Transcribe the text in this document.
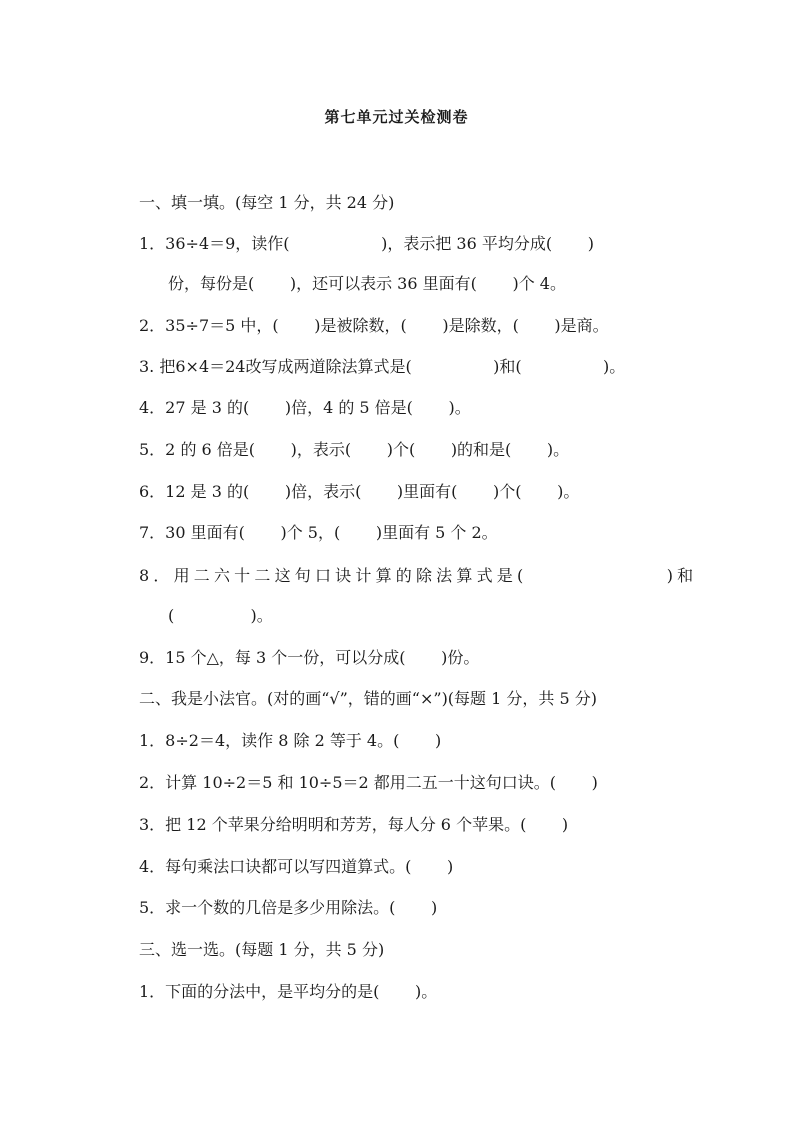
第七单元过关检测卷
一、填一填。(每空 1 分，共 24 分)
1．36÷4＝9，读作(                  )，表示把 36 平均分成(       )
份，每份是(       )，还可以表示 36 里面有(       )个 4。
2．35÷7＝5 中，(       )是被除数，(       )是除数，(       )是商。
3. 把6×4＝24改写成两道除法算式是(                )和(                )。
4．27 是 3 的(       )倍，4 的 5 倍是(       )。
5．2 的 6 倍是(       )，表示(       )个(       )的和是(       )。
6．12 是 3 的(       )倍，表示(       )里面有(       )个(       )。
7．30 里面有(       )个 5，(       )里面有 5 个 2。
8．用二六十二这句口诀计算的除法算式是(               )和
(               )。
9．15 个△，每 3 个一份，可以分成(       )份。
二、我是小法官。(对的画“√”，错的画“×”)(每题 1 分，共 5 分)
1．8÷2＝4，读作 8 除 2 等于 4。(       )
2．计算 10÷2＝5 和 10÷5＝2 都用二五一十这句口诀。(       )
3．把 12 个苹果分给明明和芳芳，每人分 6 个苹果。(       )
4．每句乘法口诀都可以写四道算式。(       )
5．求一个数的几倍是多少用除法。(       )
三、选一选。(每题 1 分，共 5 分)
1．下面的分法中，是平均分的是(       )。
